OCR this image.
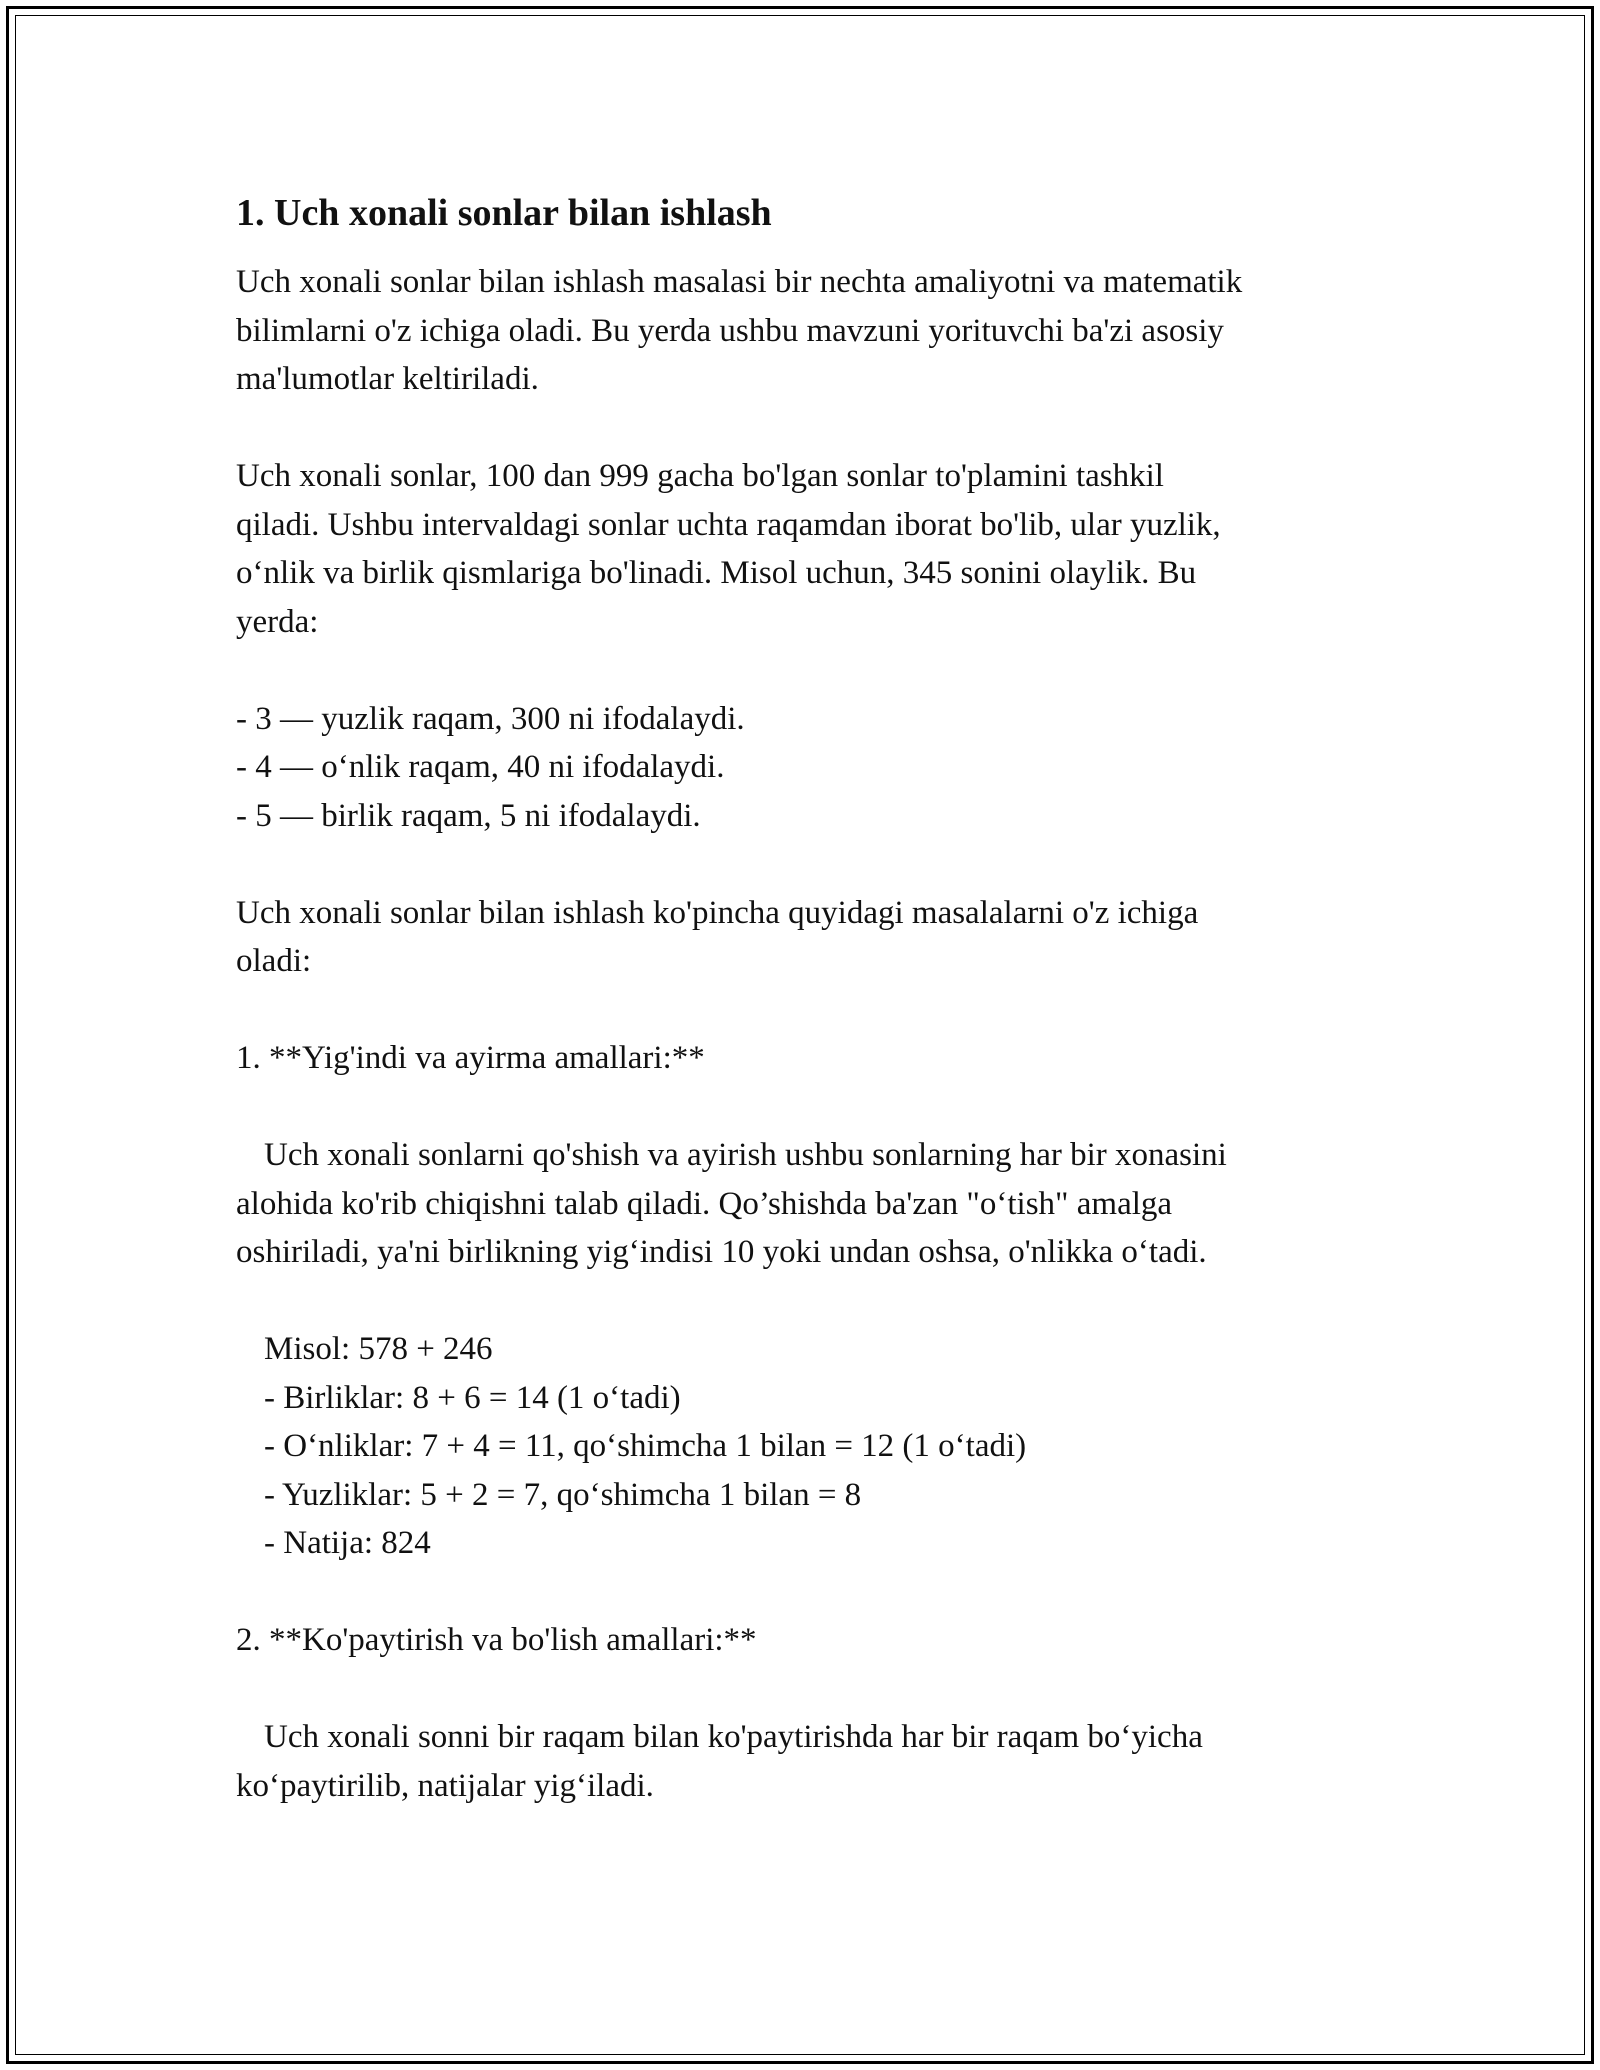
1. Uch xonali sonlar bilan ishlash
Uch xonali sonlar bilan ishlash masalasi bir nechta amaliyotni va matematik
bilimlarni o'z ichiga oladi. Bu yerda ushbu mavzuni yorituvchi ba'zi asosiy
ma'lumotlar keltiriladi.
Uch xonali sonlar, 100 dan 999 gacha bo'lgan sonlar to'plamini tashkil
qiladi. Ushbu intervaldagi sonlar uchta raqamdan iborat bo'lib, ular yuzlik,
o‘nlik va birlik qismlariga bo'linadi. Misol uchun, 345 sonini olaylik. Bu
yerda:
- 3 — yuzlik raqam, 300 ni ifodalaydi.
- 4 — o‘nlik raqam, 40 ni ifodalaydi.
- 5 — birlik raqam, 5 ni ifodalaydi.
Uch xonali sonlar bilan ishlash ko'pincha quyidagi masalalarni o'z ichiga
oladi:
1. **Yig'indi va ayirma amallari:**
Uch xonali sonlarni qo'shish va ayirish ushbu sonlarning har bir xonasini
alohida ko'rib chiqishni talab qiladi. Qo’shishda ba'zan "o‘tish" amalga
oshiriladi, ya'ni birlikning yig‘indisi 10 yoki undan oshsa, o'nlikka o‘tadi.
Misol: 578 + 246
- Birliklar: 8 + 6 = 14 (1 o‘tadi)
- O‘nliklar: 7 + 4 = 11, qo‘shimcha 1 bilan = 12 (1 o‘tadi)
- Yuzliklar: 5 + 2 = 7, qo‘shimcha 1 bilan = 8
- Natija: 824
2. **Ko'paytirish va bo'lish amallari:**
Uch xonali sonni bir raqam bilan ko'paytirishda har bir raqam bo‘yicha
ko‘paytirilib, natijalar yig‘iladi.
